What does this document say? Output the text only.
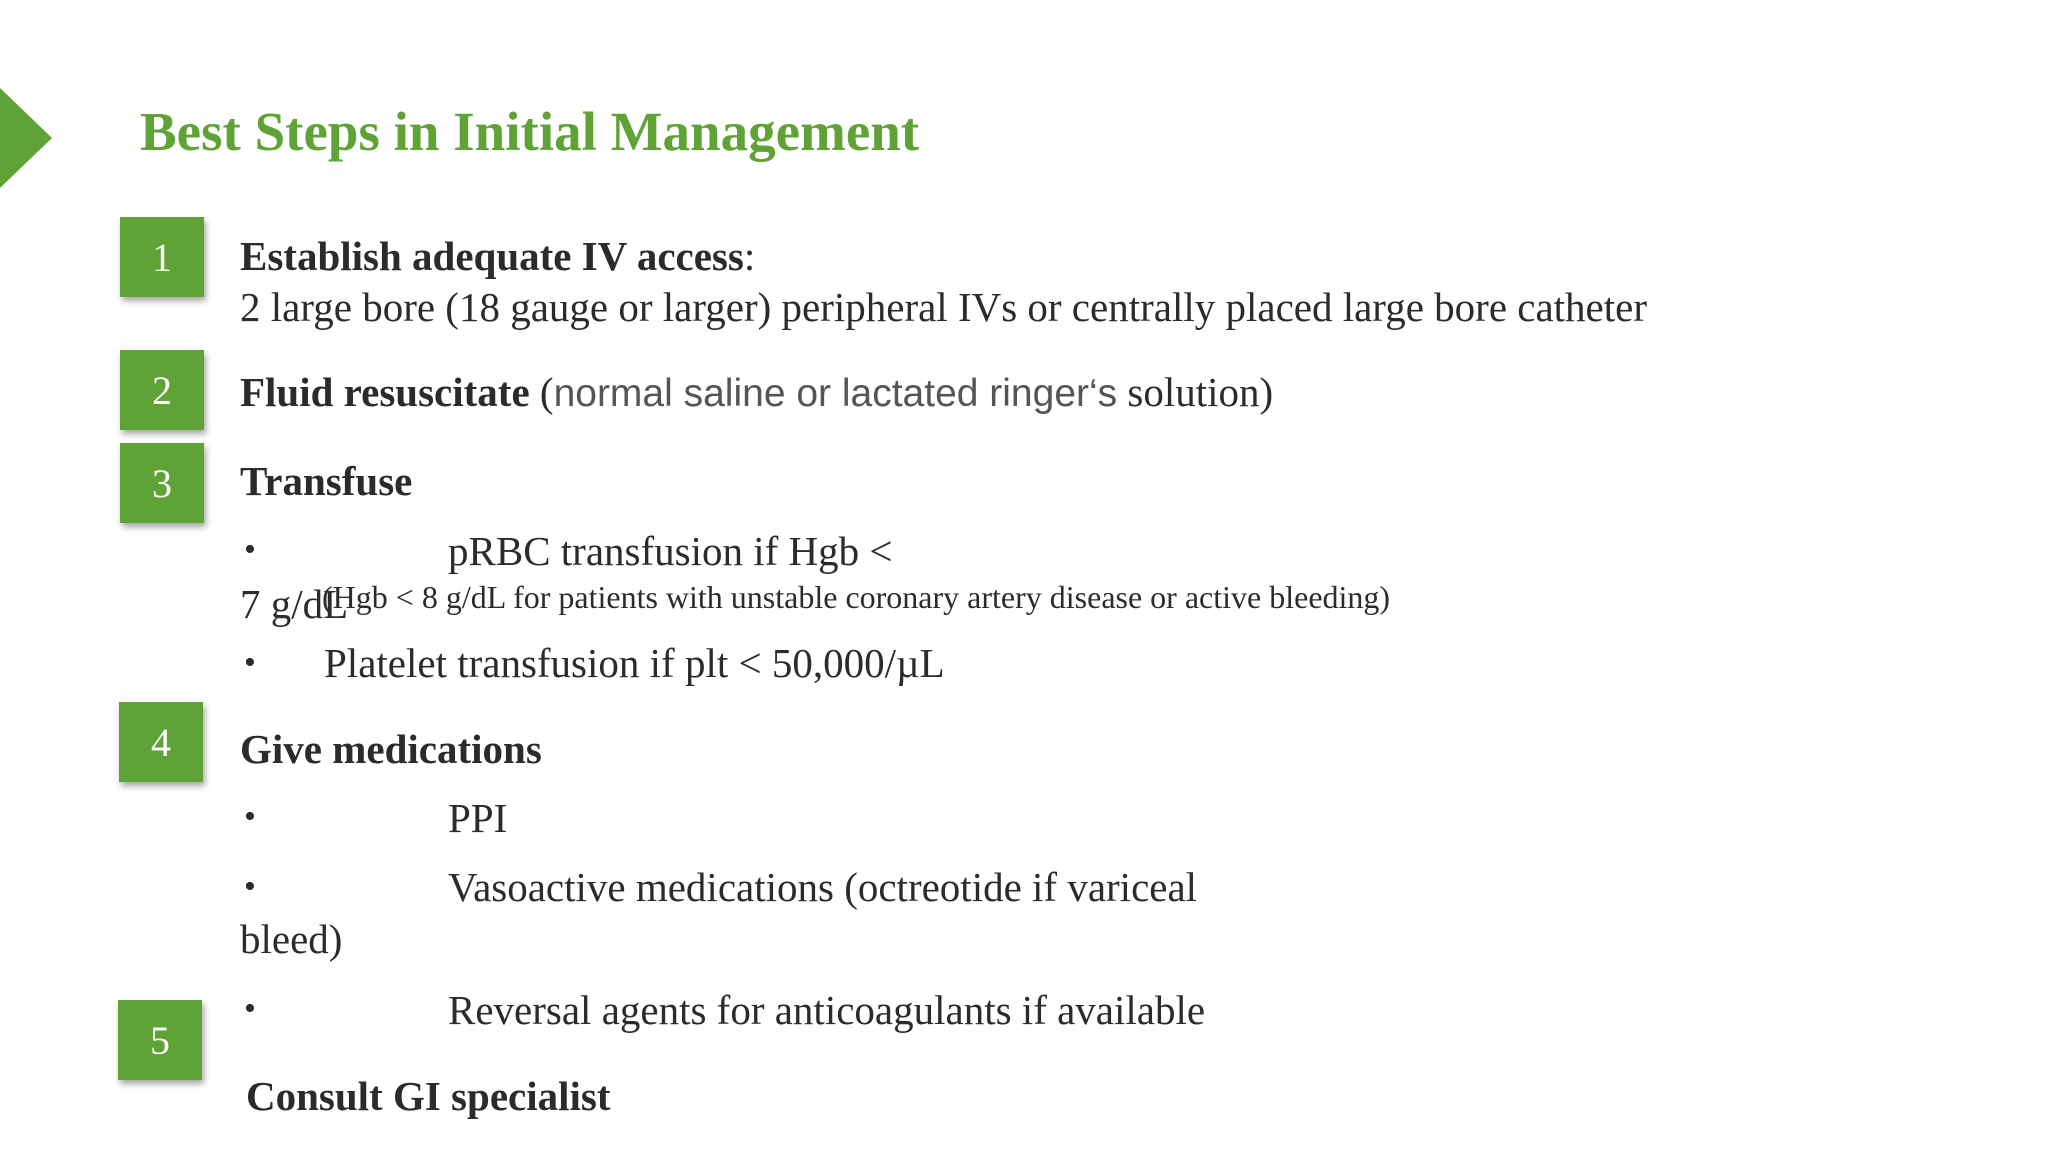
Best Steps in Initial Management
1	Establish adequate IV access:
2 large bore (18 gauge or larger) peripheral IVs or centrally placed large bore catheter
2	Fluid resuscitate (normal saline or lactated ringer‘s solution)
3	Transfuse
•	pRBC transfusion if Hgb <
7 g/dL
(Hgb < 8 g/dL for patients with unstable coronary artery disease or active bleeding)
• Platelet transfusion if plt < 50,000/µL
4	Give medications
•	PPI
•	Vasoactive medications (octreotide if variceal
bleed)
•	Reversal agents for anticoagulants if available
5
Consult GI specialist
